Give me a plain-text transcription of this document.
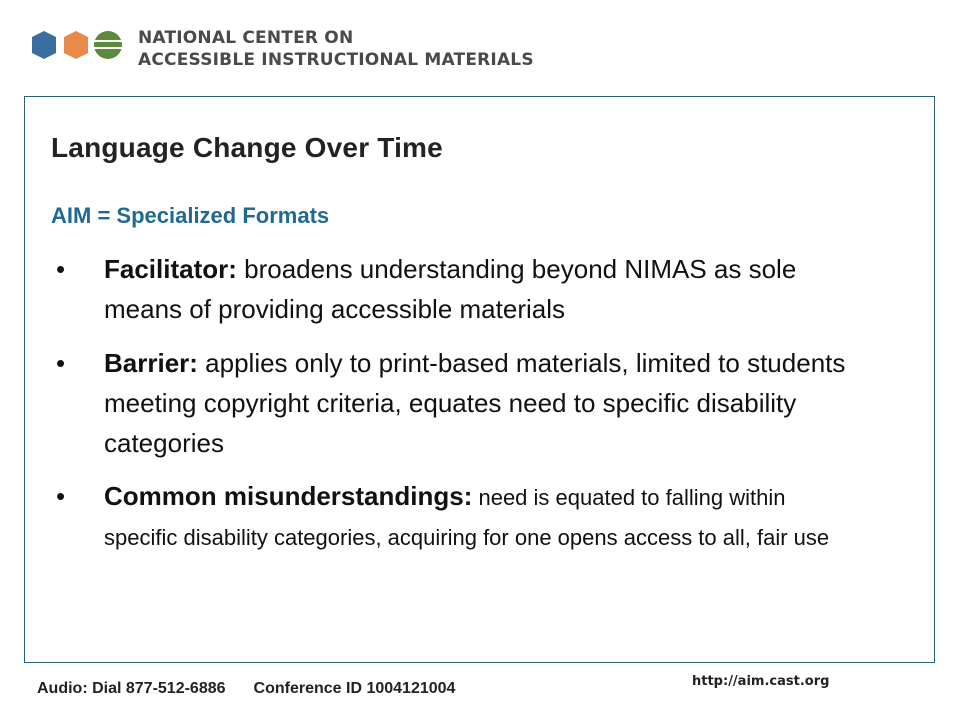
NATIONAL CENTER ON
ACCESSIBLE INSTRUCTIONAL MATERIALS
Language Change Over Time
AIM = Specialized Formats
• Facilitator: broadens understanding beyond NIMAS as sole means of providing accessible materials
• Barrier: applies only to print-based materials, limited to students meeting copyright criteria, equates need to specific disability categories
• Common misunderstandings: need is equated to falling within specific disability categories, acquiring for one opens access to all, fair use
Audio: Dial 877-512-6886 Conference ID 1004121004	http://aim.cast.org
